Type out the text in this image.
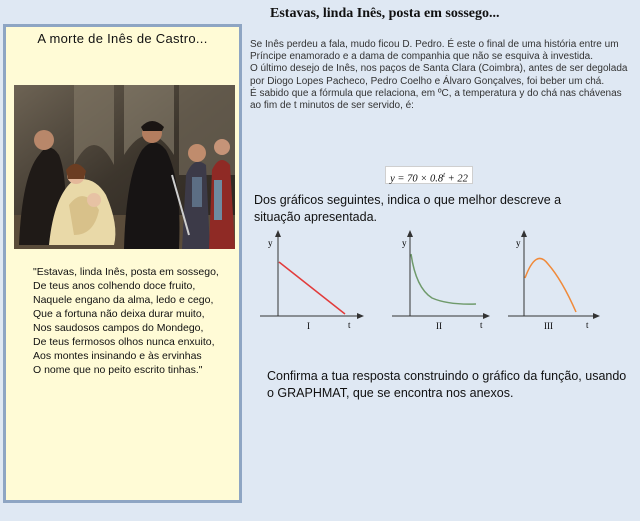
A morte de Inês de Castro...
"Estavas, linda Inês, posta em sossego,
De teus anos colhendo doce fruito,
Naquele engano da alma, ledo e cego,
Que a fortuna não deixa durar muito,
Nos saudosos campos do Mondego,
De teus fermosos olhos nunca enxuito,
Aos montes insinando e às ervinhas
O nome que no peito escrito tinhas."
Estavas, linda Inês, posta em sossego...

Se Inês perdeu a fala, mudo ficou D. Pedro. É este o final de uma história entre um Príncipe enamorado e a dama de companhia que não se esquiva à investida.

O último desejo de Inês, nos paços de Santa Clara (Coimbra), antes de ser degolada por Diogo Lopes Pacheco, Pedro Coelho e Álvaro Gonçalves, foi beber um chá.

É sabido que a fórmula que relaciona, em ºC, a temperatura y do chá nas chávenas ao fim de t minutos de ser servido, é:

$y = 70 \times 0.8^t + 22$
Dos gráficos seguintes, indica o que melhor descreve a situação apresentada.
y
t
I
y
t
II
y
t
III
Confirma a tua resposta construindo o gráfico da função, usando o GRAPHMAT, que se encontra nos anexos.
